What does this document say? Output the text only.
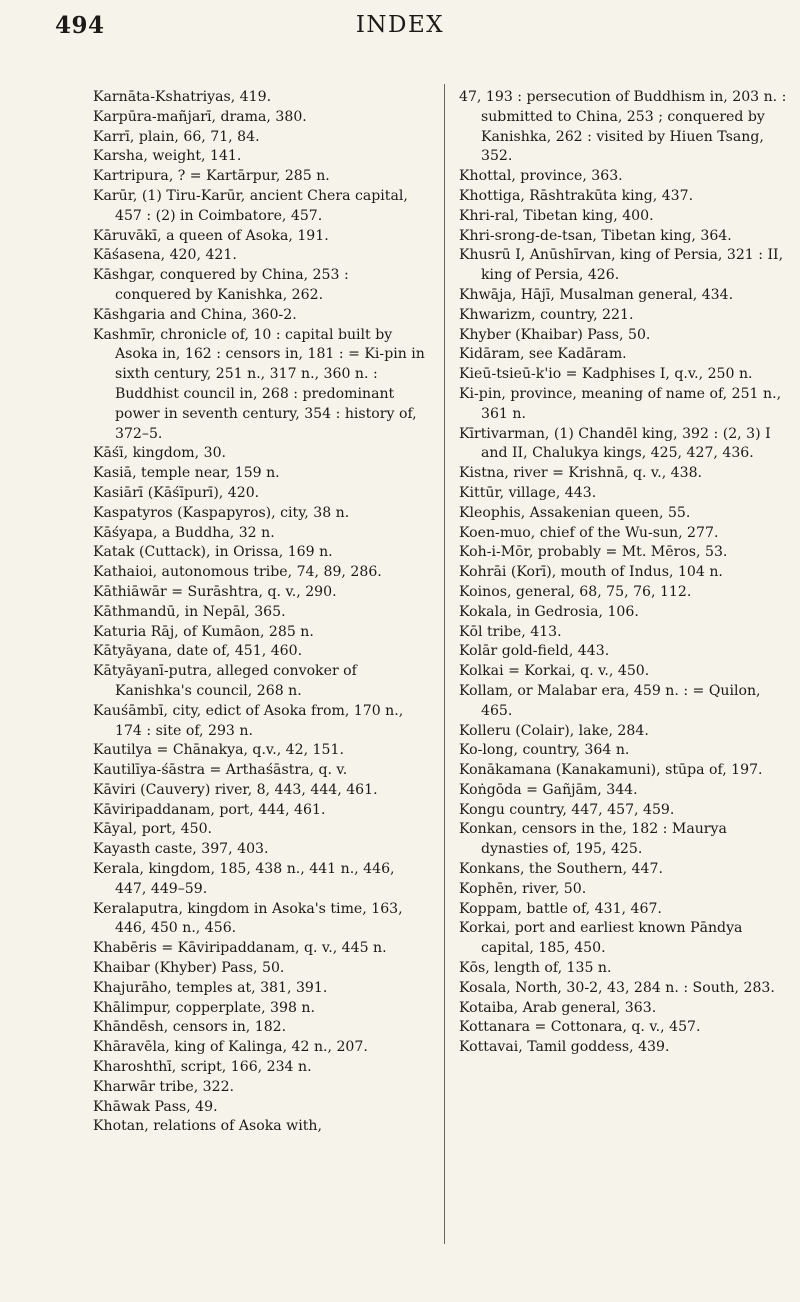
494	INDEX

Karnāta-Kshatriyas, 419.

Karpūra-mañjarī, drama, 380.

Karrī, plain, 66, 71, 84.

Karsha, weight, 141.

Kartripura, ? = Kartārpur, 285 n.

Karūr, (1) Tiru-Karūr, ancient Chera capital, 457 : (2) in Coimbatore, 457.

Kāruvākī, a queen of Asoka, 191.

Kāśasena, 420, 421.

Kāshgar, conquered by China, 253 : conquered by Kanishka, 262.

Kāshgaria and China, 360-2.

Kashmīr, chronicle of, 10 : capital built by Asoka in, 162 : censors in, 181 : = Ki-pin in sixth century, 251 n., 317 n., 360 n. : Buddhist council in, 268 : predominant power in seventh century, 354 : history of, 372–5.

Kāśī, kingdom, 30.

Kasiā, temple near, 159 n.

Kasiārī (Kāśīpurī), 420.

Kaspatyros (Kaspapyros), city, 38 n.

Kāśyapa, a Buddha, 32 n.

Katak (Cuttack), in Orissa, 169 n.

Kathaioi, autonomous tribe, 74, 89, 286.

Kāthiāwār = Surāshtra, q. v., 290.

Kāthmandū, in Nepāl, 365.

Katuria Rāj, of Kumāon, 285 n.

Kātyāyana, date of, 451, 460.

Kātyāyanī-putra, alleged convoker of Kanishka's council, 268 n.

Kauśāmbī, city, edict of Asoka from, 170 n., 174 : site of, 293 n.

Kautilya = Chānakya, q.v., 42, 151.

Kautilīya-śāstra = Arthaśāstra, q. v.

Kāviri (Cauvery) river, 8, 443, 444, 461.

Kāviripaddanam, port, 444, 461.

Kāyal, port, 450.

Kayasth caste, 397, 403.

Kerala, kingdom, 185, 438 n., 441 n., 446, 447, 449–59.

Keralaputra, kingdom in Asoka's time, 163, 446, 450 n., 456.

Khabēris = Kāviripaddanam, q. v., 445 n.

Khaibar (Khyber) Pass, 50.

Khajurāho, temples at, 381, 391.

Khālimpur, copperplate, 398 n.

Khāndēsh, censors in, 182.

Khāravēla, king of Kalinga, 42 n., 207.

Kharoshthī, script, 166, 234 n.

Kharwār tribe, 322.

Khāwak Pass, 49.

Khotan, relations of Asoka with,

47, 193 : persecution of Buddhism in, 203 n. : submitted to China, 253 ; conquered by Kanishka, 262 : visited by Hiuen Tsang, 352.

Khottal, province, 363.

Khottiga, Rāshtrakūta king, 437.

Khri-ral, Tibetan king, 400.

Khri-srong-de-tsan, Tibetan king, 364.

Khusrū I, Anūshīrvan, king of Persia, 321 : II, king of Persia, 426.

Khwāja, Hājī, Musalman general, 434.

Khwarizm, country, 221.

Khyber (Khaibar) Pass, 50.

Kidāram, see Kadāram.

Kieū-tsieū-k'io = Kadphises I, q.v., 250 n.

Ki-pin, province, meaning of name of, 251 n., 361 n.

Kīrtivarman, (1) Chandēl king, 392 : (2, 3) I and II, Chalukya kings, 425, 427, 436.

Kistna, river = Krishnā, q. v., 438.

Kittūr, village, 443.

Kleophis, Assakenian queen, 55.

Koen-muo, chief of the Wu-sun, 277.

Koh-i-Mōr, probably = Mt. Mēros, 53.

Kohrāi (Korī), mouth of Indus, 104 n.

Koinos, general, 68, 75, 76, 112.

Kokala, in Gedrosia, 106.

Kōl tribe, 413.

Kolār gold-field, 443.

Kolkai = Korkai, q. v., 450.

Kollam, or Malabar era, 459 n. : = Quilon, 465.

Kolleru (Colair), lake, 284.

Ko-long, country, 364 n.

Konākamana (Kanakamuni), stūpa of, 197.

Koṅgōda = Gañjām, 344.

Kongu country, 447, 457, 459.

Konkan, censors in the, 182 : Maurya dynasties of, 195, 425.

Konkans, the Southern, 447.

Kophēn, river, 50.

Koppam, battle of, 431, 467.

Korkai, port and earliest known Pāndya capital, 185, 450.

Kōs, length of, 135 n.

Kosala, North, 30-2, 43, 284 n. : South, 283.

Kotaiba, Arab general, 363.

Kottanara = Cottonara, q. v., 457.

Kottavai, Tamil goddess, 439.
